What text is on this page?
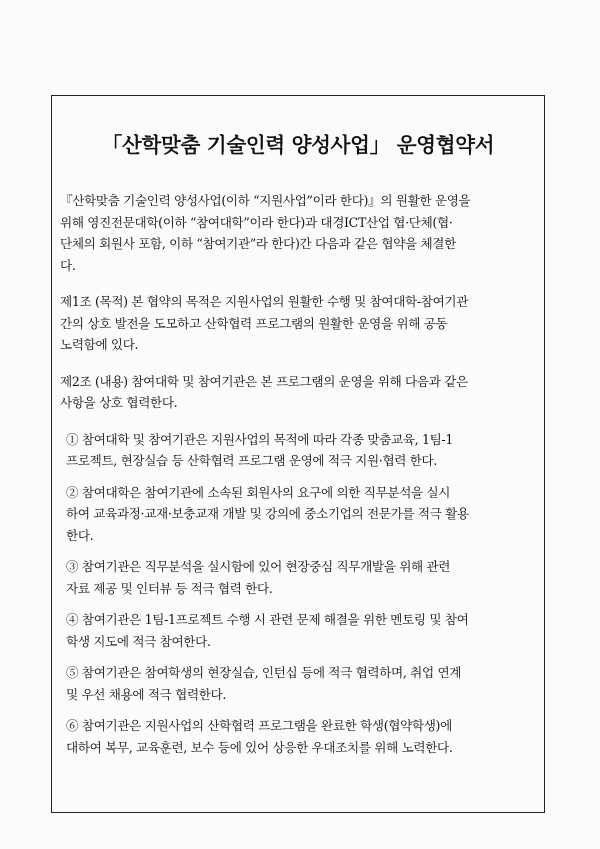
「산학맞춤 기술인력 양성사업」 운영협약서

『산학맞춤 기술인력 양성사업(이하 “지원사업”이라 한다)』의 원활한 운영을
위해 영진전문대학(이하 “참여대학”이라 한다)과 대경ICT산업 협·단체(협·
단체의 회원사 포함, 이하 “참여기관”라 한다)간 다음과 같은 협약을 체결한
다.

제1조 (목적) 본 협약의 목적은 지원사업의 원활한 수행 및 참여대학-참여기관
간의 상호 발전을 도모하고 산학협력 프로그램의 원활한 운영을 위해 공동
노력함에 있다.

제2조 (내용) 참여대학 및 참여기관은 본 프로그램의 운영을 위해 다음과 같은
사항을 상호 협력한다.

① 참여대학 및 참여기관은 지원사업의 목적에 따라 각종 맞춤교육, 1팀-1
프로젝트, 현장실습 등 산학협력 프로그램 운영에 적극 지원·협력 한다.

② 참여대학은 참여기관에 소속된 회원사의 요구에 의한 직무분석을 실시
하여 교육과정·교재·보충교재 개발 및 강의에 중소기업의 전문가를 적극 활용
한다.

③ 참여기관은 직무분석을 실시함에 있어 현장중심 직무개발을 위해 관련
자료 제공 및 인터뷰 등 적극 협력 한다.

④ 참여기관은 1팀-1프로젝트 수행 시 관련 문제 해결을 위한 멘토링 및 참여
학생 지도에 적극 참여한다.

⑤ 참여기관은 참여학생의 현장실습, 인턴십 등에 적극 협력하며, 취업 연계
및 우선 채용에 적극 협력한다.

⑥ 참여기관은 지원사업의 산학협력 프로그램을 완료한 학생(협약학생)에
대하여 복무, 교육훈련, 보수 등에 있어 상응한 우대조치를 위해 노력한다.
